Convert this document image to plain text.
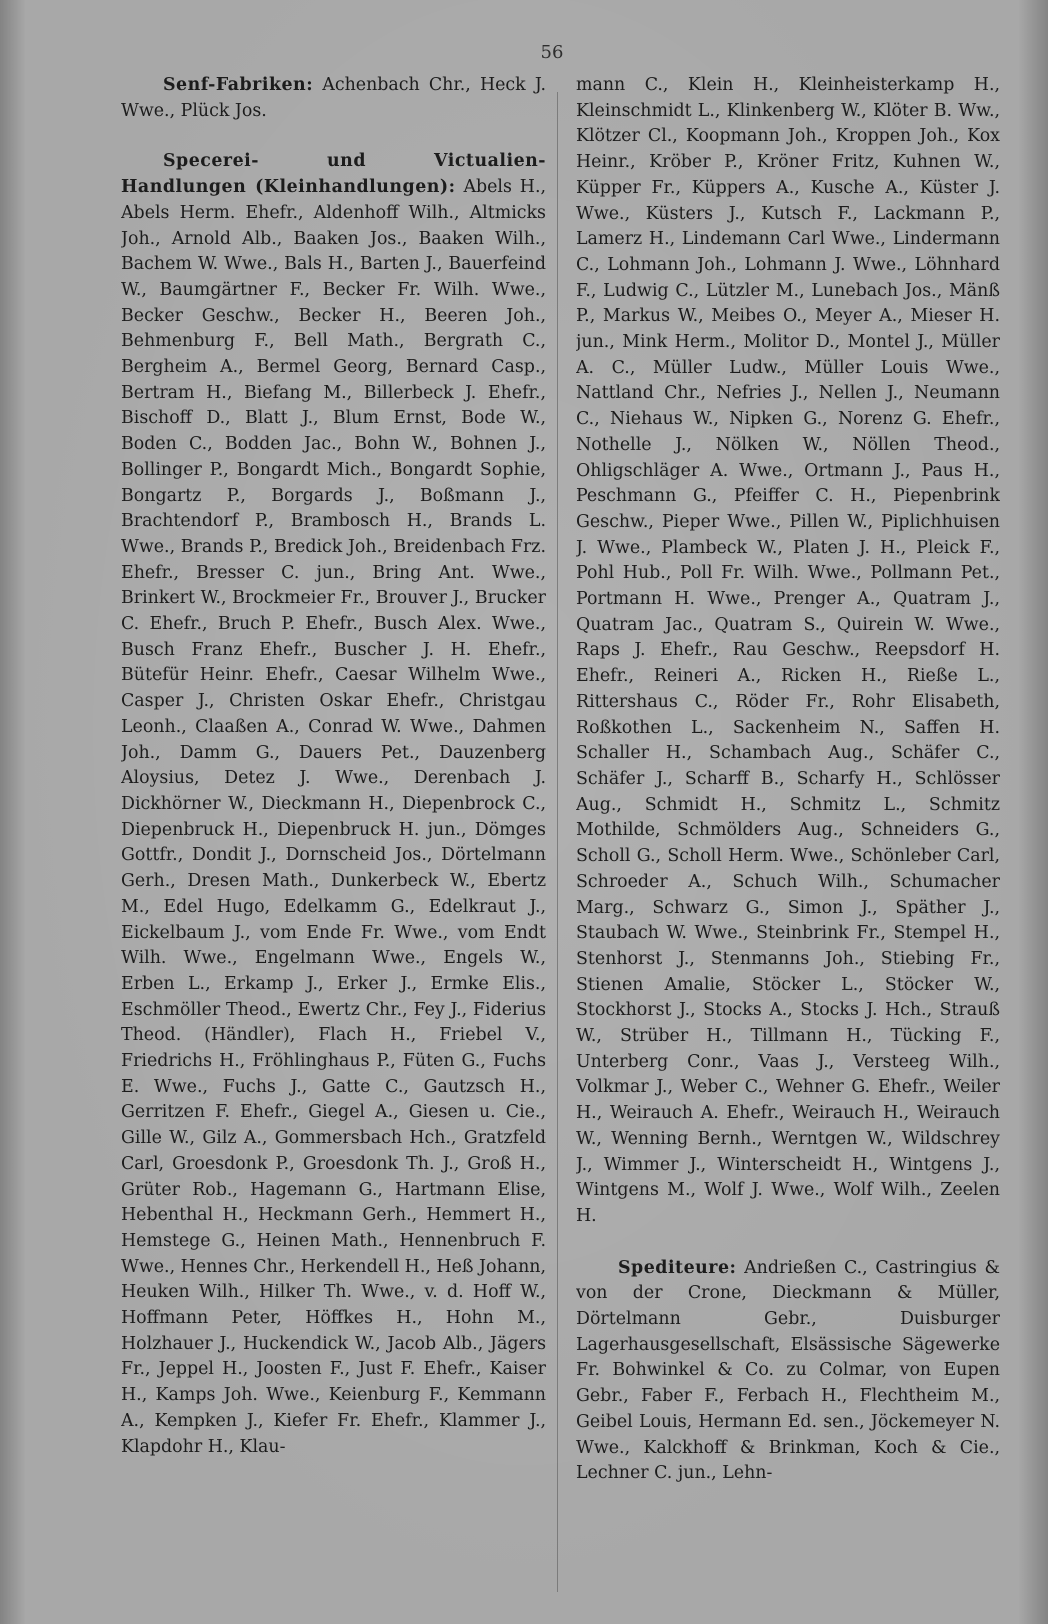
56

Senf-Fabriken: Achenbach Chr., Heck J. Wwe., Plück Jos.

Specerei- und Victualien-Handlungen (Kleinhandlungen): Abels H., Abels Herm. Ehefr., Aldenhoff Wilh., Altmicks Joh., Arnold Alb., Baaken Jos., Baaken Wilh., Bachem W. Wwe., Bals H., Barten J., Bauerfeind W., Baumgärtner F., Becker Fr. Wilh. Wwe., Becker Geschw., Becker H., Beeren Joh., Behmenburg F., Bell Math., Bergrath C., Bergheim A., Bermel Georg, Bernard Casp., Bertram H., Biefang M., Billerbeck J. Ehefr., Bischoff D., Blatt J., Blum Ernst, Bode W., Boden C., Bodden Jac., Bohn W., Bohnen J., Bollinger P., Bongardt Mich., Bongardt Sophie, Bongartz P., Borgards J., Boßmann J., Brachtendorf P., Brambosch H., Brands L. Wwe., Brands P., Bredick Joh., Breidenbach Frz. Ehefr., Bresser C. jun., Bring Ant. Wwe., Brinkert W., Brockmeier Fr., Brouver J., Brucker C. Ehefr., Bruch P. Ehefr., Busch Alex. Wwe., Busch Franz Ehefr., Buscher J. H. Ehefr., Bütefür Heinr. Ehefr., Caesar Wilhelm Wwe., Casper J., Christen Oskar Ehefr., Christgau Leonh., Claaßen A., Conrad W. Wwe., Dahmen Joh., Damm G., Dauers Pet., Dauzenberg Aloysius, Detez J. Wwe., Derenbach J. Dickhörner W., Dieckmann H., Diepenbrock C., Diepenbruck H., Diepenbruck H. jun., Dömges Gottfr., Dondit J., Dornscheid Jos., Dörtelmann Gerh., Dresen Math., Dunkerbeck W., Ebertz M., Edel Hugo, Edelkamm G., Edelkraut J., Eickelbaum J., vom Ende Fr. Wwe., vom Endt Wilh. Wwe., Engelmann Wwe., Engels W., Erben L., Erkamp J., Erker J., Ermke Elis., Eschmöller Theod., Ewertz Chr., Fey J., Fiderius Theod. (Händler), Flach H., Friebel V., Friedrichs H., Fröhlinghaus P., Füten G., Fuchs E. Wwe., Fuchs J., Gatte C., Gautzsch H., Gerritzen F. Ehefr., Giegel A., Giesen u. Cie., Gille W., Gilz A., Gommersbach Hch., Gratzfeld Carl, Groesdonk P., Groesdonk Th. J., Groß H., Grüter Rob., Hagemann G., Hartmann Elise, Hebenthal H., Heckmann Gerh., Hemmert H., Hemstege G., Heinen Math., Hennenbruch F. Wwe., Hennes Chr., Herkendell H., Heß Johann, Heuken Wilh., Hilker Th. Wwe., v. d. Hoff W., Hoffmann Peter, Höffkes H., Hohn M., Holzhauer J., Huckendick W., Jacob Alb., Jägers Fr., Jeppel H., Joosten F., Just F. Ehefr., Kaiser H., Kamps Joh. Wwe., Keienburg F., Kemmann A., Kempken J., Kiefer Fr. Ehefr., Klammer J., Klapdohr H., Klau-

mann C., Klein H., Kleinheisterkamp H., Kleinschmidt L., Klinkenberg W., Klöter B. Ww., Klötzer Cl., Koopmann Joh., Kroppen Joh., Kox Heinr., Kröber P., Kröner Fritz, Kuhnen W., Küpper Fr., Küppers A., Kusche A., Küster J. Wwe., Küsters J., Kutsch F., Lackmann P., Lamerz H., Lindemann Carl Wwe., Lindermann C., Lohmann Joh., Lohmann J. Wwe., Löhnhard F., Ludwig C., Lützler M., Lunebach Jos., Mänß P., Markus W., Meibes O., Meyer A., Mieser H. jun., Mink Herm., Molitor D., Montel J., Müller A. C., Müller Ludw., Müller Louis Wwe., Nattland Chr., Nefries J., Nellen J., Neumann C., Niehaus W., Nipken G., Norenz G. Ehefr., Nothelle J., Nölken W., Nöllen Theod., Ohligschläger A. Wwe., Ortmann J., Paus H., Peschmann G., Pfeiffer C. H., Piepenbrink Geschw., Pieper Wwe., Pillen W., Piplichhuisen J. Wwe., Plambeck W., Platen J. H., Pleick F., Pohl Hub., Poll Fr. Wilh. Wwe., Pollmann Pet., Portmann H. Wwe., Prenger A., Quatram J., Quatram Jac., Quatram S., Quirein W. Wwe., Raps J. Ehefr., Rau Geschw., Reepsdorf H. Ehefr., Reineri A., Ricken H., Rieße L., Rittershaus C., Röder Fr., Rohr Elisabeth, Roßkothen L., Sackenheim N., Saffen H. Schaller H., Schambach Aug., Schäfer C., Schäfer J., Scharff B., Scharfy H., Schlösser Aug., Schmidt H., Schmitz L., Schmitz Mothilde, Schmölders Aug., Schneiders G., Scholl G., Scholl Herm. Wwe., Schönleber Carl, Schroeder A., Schuch Wilh., Schumacher Marg., Schwarz G., Simon J., Späther J., Staubach W. Wwe., Steinbrink Fr., Stempel H., Stenhorst J., Stenmanns Joh., Stiebing Fr., Stienen Amalie, Stöcker L., Stöcker W., Stockhorst J., Stocks A., Stocks J. Hch., Strauß W., Strüber H., Tillmann H., Tücking F., Unterberg Conr., Vaas J., Versteeg Wilh., Volkmar J., Weber C., Wehner G. Ehefr., Weiler H., Weirauch A. Ehefr., Weirauch H., Weirauch W., Wenning Bernh., Werntgen W., Wildschrey J., Wimmer J., Winterscheidt H., Wintgens J., Wintgens M., Wolf J. Wwe., Wolf Wilh., Zeelen H.

Spediteure: Andrießen C., Castringius & von der Crone, Dieckmann & Müller, Dörtelmann Gebr., Duisburger Lagerhausgesellschaft, Elsässische Sägewerke Fr. Bohwinkel & Co. zu Colmar, von Eupen Gebr., Faber F., Ferbach H., Flechtheim M., Geibel Louis, Hermann Ed. sen., Jöckemeyer N. Wwe., Kalckhoff & Brinkman, Koch & Cie., Lechner C. jun., Lehn-
